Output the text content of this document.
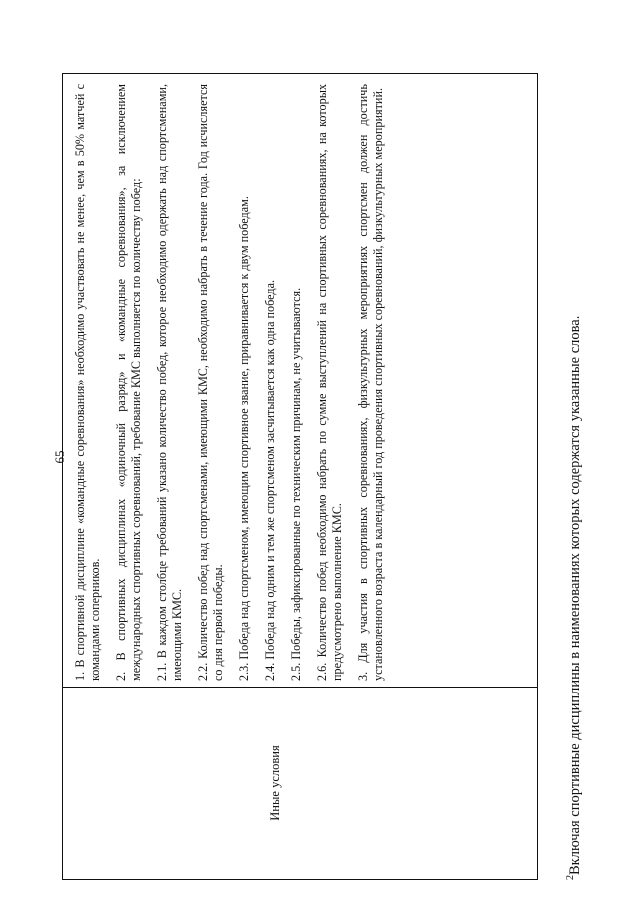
65
Иные условия

1. В спортивной дисциплине «командные соревнования» необходимо участвовать не менее, чем в 50% матчей с командами соперников. 2. В спортивных дисциплинах «одиночный разряд» и «командные соревнования», за исключением международных спортивных соревнований, требование КМС выполняется по количеству побед: 2.1. В каждом столбце требований указано количество побед, которое необходимо одержать над спортсменами, имеющими КМС. 2.2. Количество побед над спортсменами, имеющими КМС, необходимо набрать в течение года. Год исчисляется со дня первой победы. 2.3. Победа над спортсменом, имеющим спортивное звание, приравнивается к двум победам. 2.4. Победа над одним и тем же спортсменом засчитывается как одна победа. 2.5. Победы, зафиксированные по техническим причинам, не учитываются. 2.6. Количество побед необходимо набрать по сумме выступлений на спортивных соревнованиях, на которых предусмотрено выполнение КМС. 3. Для участия в спортивных соревнованиях, физкультурных мероприятиях спортсмен должен достичь установленного возраста в календарный год проведения спортивных соревнований, физкультурных мероприятий.

$^2$Включая спортивные дисциплины в наименованиях которых содержатся указанные слова.
